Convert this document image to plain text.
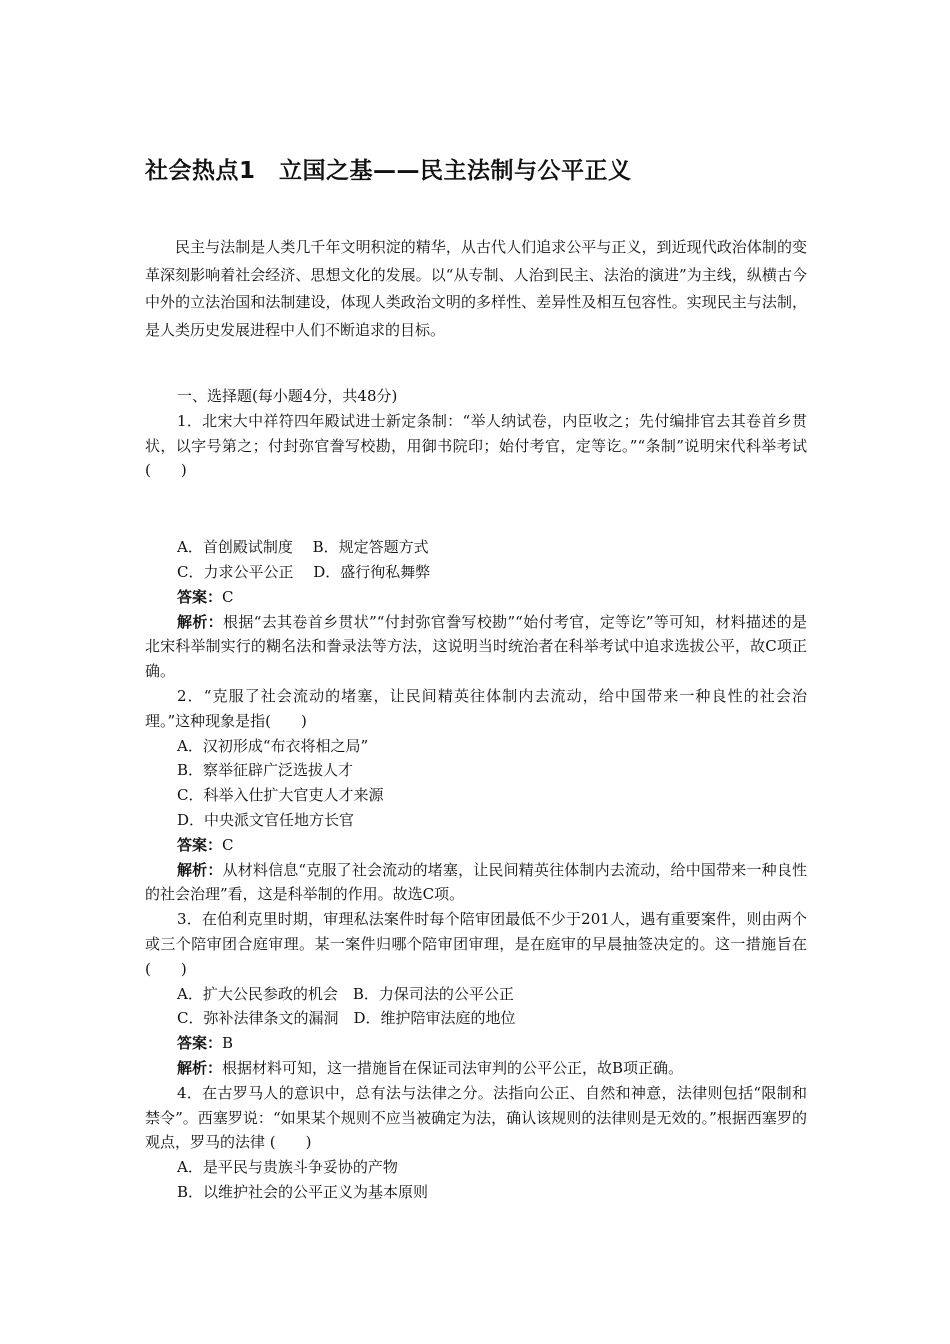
社会热点1　立国之基——民主法制与公平正义
民主与法制是人类几千年文明积淀的精华，从古代人们追求公平与正义，到近现代政治体制的变革深刻影响着社会经济、思想文化的发展。以“从专制、人治到民主、法治的演进”为主线，纵横古今中外的立法治国和法制建设，体现人类政治文明的多样性、差异性及相互包容性。实现民主与法制，是人类历史发展进程中人们不断追求的目标。
一、选择题(每小题4分，共48分)
1．北宋大中祥符四年殿试进士新定条制：“举人纳试卷，内臣收之；先付编排官去其卷首乡贯状，以字号第之；付封弥官誊写校勘，用御书院印；始付考官，定等讫。”“条制”说明宋代科举考试(　　)
A．首创殿试制度　 B．规定答题方式
C．力求公平公正　 D．盛行徇私舞弊
答案：C
解析：根据“去其卷首乡贯状”“付封弥官誊写校勘”“始付考官，定等讫”等可知，材料描述的是北宋科举制实行的糊名法和誊录法等方法，这说明当时统治者在科举考试中追求选拔公平，故C项正确。
2．“克服了社会流动的堵塞，让民间精英往体制内去流动，给中国带来一种良性的社会治理。”这种现象是指(　　)
A．汉初形成“布衣将相之局”
B．察举征辟广泛选拔人才
C．科举入仕扩大官吏人才来源
D．中央派文官任地方长官
答案：C
解析：从材料信息“克服了社会流动的堵塞，让民间精英往体制内去流动，给中国带来一种良性的社会治理”看，这是科举制的作用。故选C项。
3．在伯利克里时期，审理私法案件时每个陪审团最低不少于201人，遇有重要案件，则由两个或三个陪审团合庭审理。某一案件归哪个陪审团审理，是在庭审的早晨抽签决定的。这一措施旨在(　　)
A．扩大公民参政的机会　B．力保司法的公平公正
C．弥补法律条文的漏洞　D．维护陪审法庭的地位
答案：B
解析：根据材料可知，这一措施旨在保证司法审判的公平公正，故B项正确。
4．在古罗马人的意识中，总有法与法律之分。法指向公正、自然和神意，法律则包括“限制和禁令”。西塞罗说：“如果某个规则不应当被确定为法，确认该规则的法律则是无效的。”根据西塞罗的观点，罗马的法律 (　　)
A．是平民与贵族斗争妥协的产物
B．以维护社会的公平正义为基本原则
